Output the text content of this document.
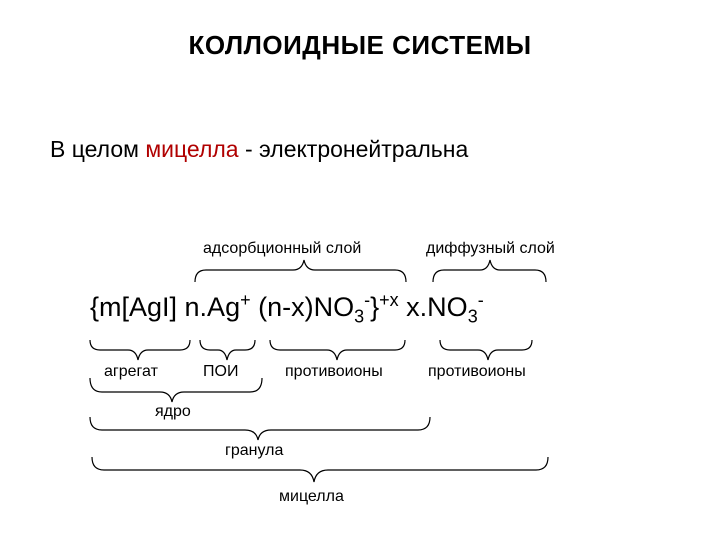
КОЛЛОИДНЫЕ СИСТЕМЫ
В целом мицелла - электронейтральна
адсорбционный слой	диффузный слой
{m[AgI] n.Ag+ $(n-x)NO_3^-\}^{+x}$ $x.NO_3^-$
агрегат	ПОИ	противоионы	противоионы
ядро
гранула
мицелла
